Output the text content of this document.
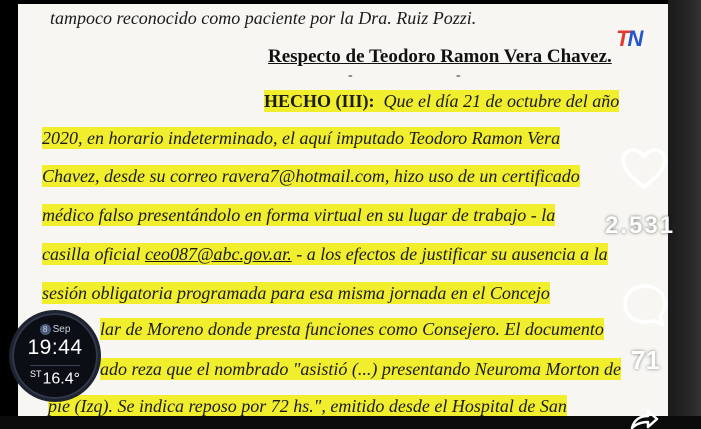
tampoco reconocido como paciente por la Dra. Ruiz Pozzi.
Respecto de Teodoro Ramon Vera Chavez.
-	-
HECHO (III): Que el día 21 de octubre del año
2020, en horario indeterminado, el aquí imputado Teodoro Ramon Vera
Chavez, desde su correo ravera7@hotmail.com, hizo uso de un certificado
médico falso presentándolo en forma virtual en su lugar de trabajo - la
casilla oficial ceo087@abc.gov.ar. - a los efectos de justificar su ausencia a la
sesión obligatoria programada para esa misma jornada en el Concejo
lar de Moreno donde presta funciones como Consejero. El documento
ado reza que el nombrado "asistió (...) presentando Neuroma Morton de
pie (Izq). Se indica reposo por 72 hs.", emitido desde el Hospital de San
TN
2.531
71
8 Sep
19:44
$^{ST}$16.4°
